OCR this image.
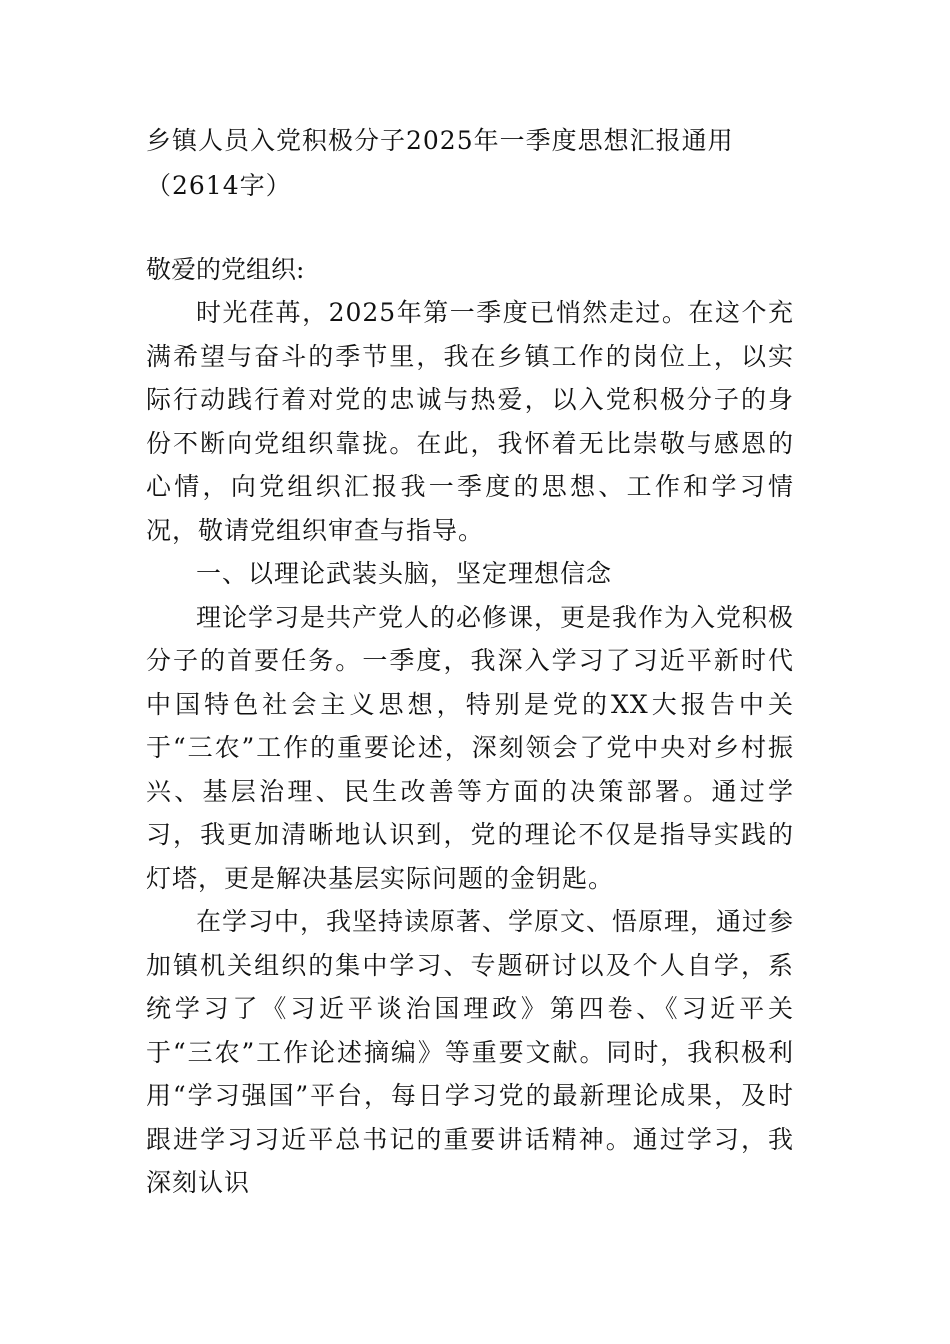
乡镇人员入党积极分子2025年一季度思想汇报通用（2614字）

敬爱的党组织:

时光荏苒，2025年第一季度已悄然走过。在这个充满希望与奋斗的季节里，我在乡镇工作的岗位上，以实际行动践行着对党的忠诚与热爱，以入党积极分子的身份不断向党组织靠拢。在此，我怀着无比崇敬与感恩的心情，向党组织汇报我一季度的思想、工作和学习情况，敬请党组织审查与指导。

一、以理论武装头脑，坚定理想信念

理论学习是共产党人的必修课，更是我作为入党积极分子的首要任务。一季度，我深入学习了习近平新时代中国特色社会主义思想，特别是党的XX大报告中关于“三农”工作的重要论述，深刻领会了党中央对乡村振兴、基层治理、民生改善等方面的决策部署。通过学习，我更加清晰地认识到，党的理论不仅是指导实践的灯塔，更是解决基层实际问题的金钥匙。

在学习中，我坚持读原著、学原文、悟原理，通过参加镇机关组织的集中学习、专题研讨以及个人自学，系统学习了《习近平谈治国理政》第四卷、《习近平关于“三农”工作论述摘编》等重要文献。同时，我积极利用“学习强国”平台，每日学习党的最新理论成果，及时跟进学习习近平总书记的重要讲话精神。通过学习，我深刻认识
